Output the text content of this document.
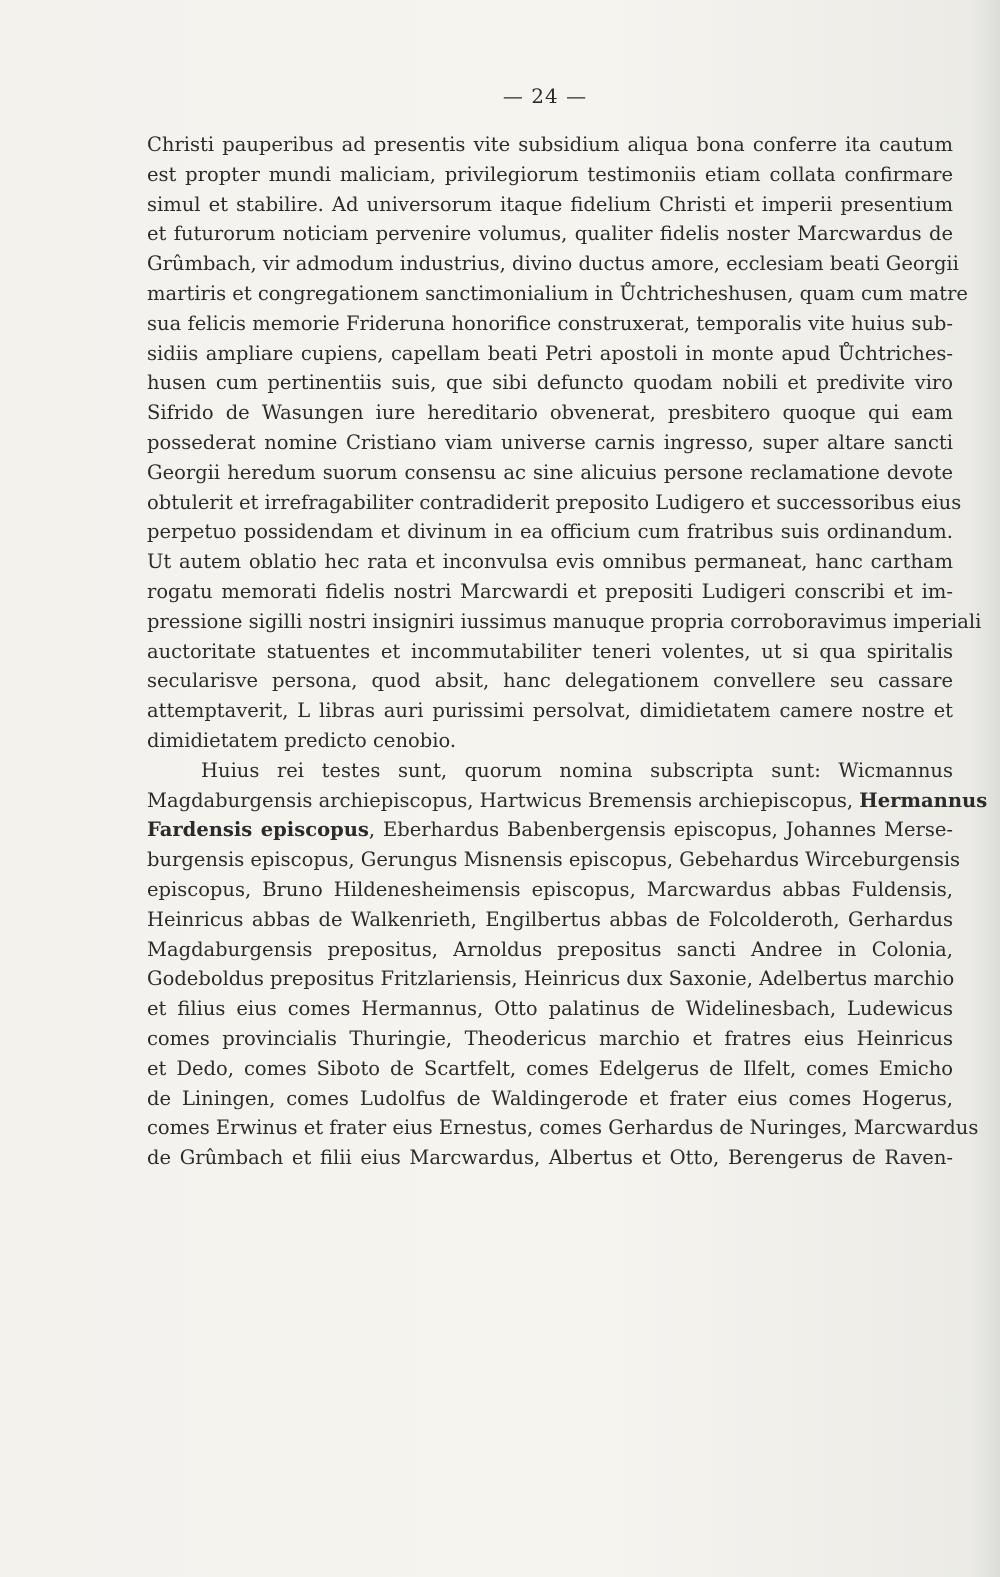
— 24 —
Christi pauperibus ad presentis vite subsidium aliqua bona conferre ita cautum
est propter mundi maliciam, privilegiorum testimoniis etiam collata confirmare
simul et stabilire. Ad universorum itaque fidelium Christi et imperii presentium
et futurorum noticiam pervenire volumus, qualiter fidelis noster Marcwardus de
Grûmbach, vir admodum industrius, divino ductus amore, ecclesiam beati Georgii
martiris et congregationem sanctimonialium in Ůchtricheshusen, quam cum matre
sua felicis memorie Frideruna honorifice construxerat, temporalis vite huius sub-
sidiis ampliare cupiens, capellam beati Petri apostoli in monte apud Ůchtriches-
husen cum pertinentiis suis, que sibi defuncto quodam nobili et predivite viro
Sifrido de Wasungen iure hereditario obvenerat, presbitero quoque qui eam
possederat nomine Cristiano viam universe carnis ingresso, super altare sancti
Georgii heredum suorum consensu ac sine alicuius persone reclamatione devote
obtulerit et irrefragabiliter contradiderit preposito Ludigero et successoribus eius
perpetuo possidendam et divinum in ea officium cum fratribus suis ordinandum.
Ut autem oblatio hec rata et inconvulsa evis omnibus permaneat, hanc cartham
rogatu memorati fidelis nostri Marcwardi et prepositi Ludigeri conscribi et im-
pressione sigilli nostri insigniri iussimus manuque propria corroboravimus imperiali
auctoritate statuentes et incommutabiliter teneri volentes, ut si qua spiritalis
secularisve persona, quod absit, hanc delegationem convellere seu cassare
attemptaverit, L libras auri purissimi persolvat, dimidietatem camere nostre et
dimidietatem predicto cenobio.
Huius rei testes sunt, quorum nomina subscripta sunt: Wicmannus
Magdaburgensis archiepiscopus, Hartwicus Bremensis archiepiscopus, Hermannus
Fardensis episcopus, Eberhardus Babenbergensis episcopus, Johannes Merse-
burgensis episcopus, Gerungus Misnensis episcopus, Gebehardus Wirceburgensis
episcopus, Bruno Hildenesheimensis episcopus, Marcwardus abbas Fuldensis,
Heinricus abbas de Walkenrieth, Engilbertus abbas de Folcolderoth, Gerhardus
Magdaburgensis prepositus, Arnoldus prepositus sancti Andree in Colonia,
Godeboldus prepositus Fritzlariensis, Heinricus dux Saxonie, Adelbertus marchio
et filius eius comes Hermannus, Otto palatinus de Widelinesbach, Ludewicus
comes provincialis Thuringie, Theodericus marchio et fratres eius Heinricus
et Dedo, comes Siboto de Scartfelt, comes Edelgerus de Ilfelt, comes Emicho
de Liningen, comes Ludolfus de Waldingerode et frater eius comes Hogerus,
comes Erwinus et frater eius Ernestus, comes Gerhardus de Nuringes, Marcwardus
de Grûmbach et filii eius Marcwardus, Albertus et Otto, Berengerus de Raven-
